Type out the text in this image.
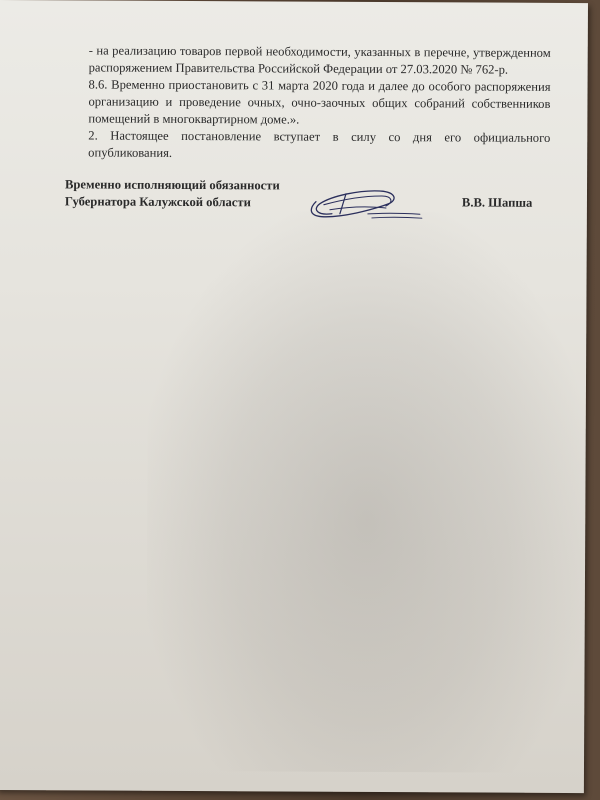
- на реализацию товаров первой необходимости, указанных в перечне, утвержденном распоряжением Правительства Российской Федерации от 27.03.2020 № 762-р.

8.6. Временно приостановить с 31 марта 2020 года и далее до особого распоряжения организацию и проведение очных, очно-заочных общих собраний собственников помещений в многоквартирном доме.».

2. Настоящее постановление вступает в силу со дня его официального опубликования.

Временно исполняющий обязанности
Губернатора Калужской области	В.В. Шапша
